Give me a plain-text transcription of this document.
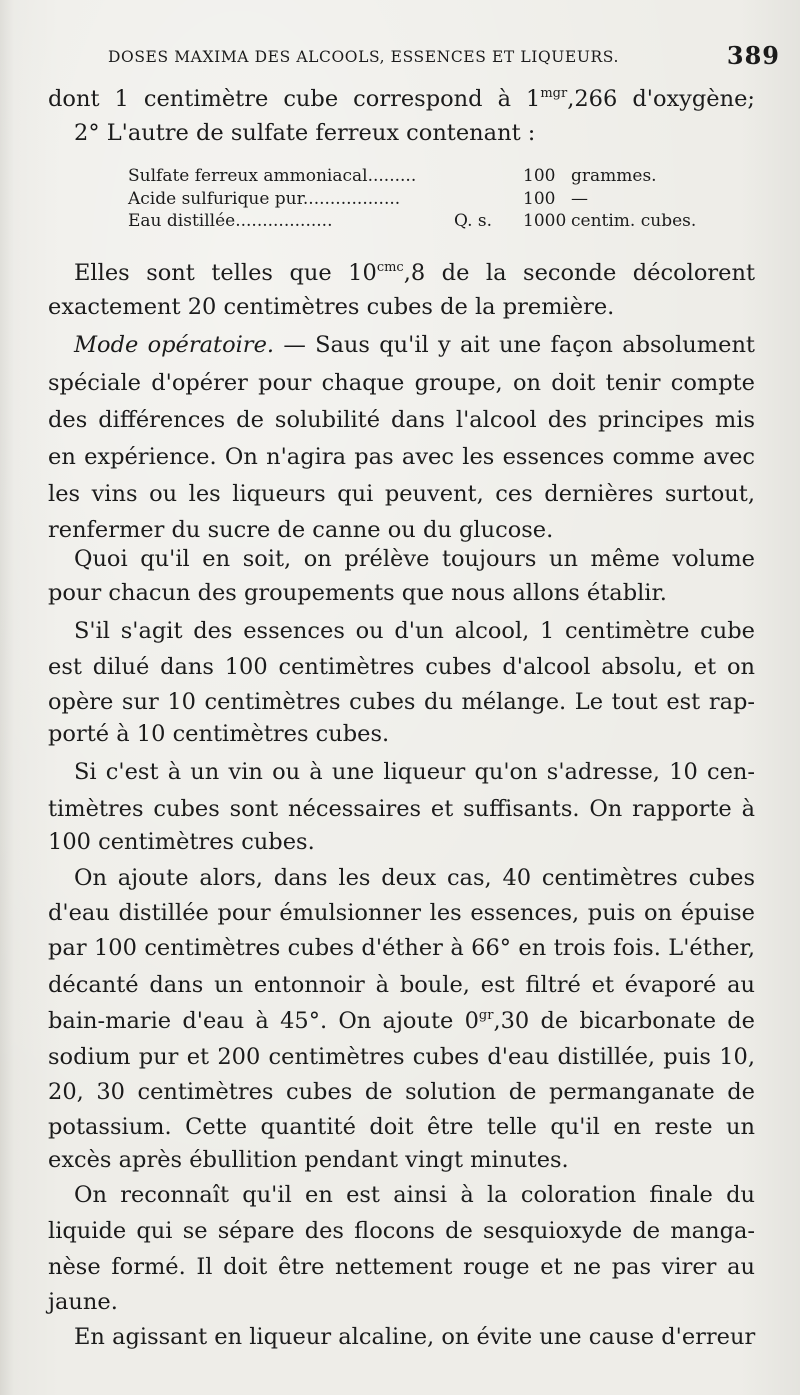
DOSES MAXIMA DES ALCOOLS, ESSENCES ET LIQUEURS.	389
dont 1 centimètre cube correspond à $1^{mgr},266$ d'oxygène;
2° L'autre de sulfate ferreux contenant :
Sulfate ferreux ammoniacal.........	100 grammes.
Acide sulfurique pur..................	100 —
Eau distillée..................	Q. s. 1000 centim. cubes.
Elles sont telles que $10^{cmc},8$ de la seconde décolorent
exactement 20 centimètres cubes de la première.
Mode opératoire. — Saus qu'il y ait une façon absolument
spéciale d'opérer pour chaque groupe, on doit tenir compte
des différences de solubilité dans l'alcool des principes mis
en expérience. On n'agira pas avec les essences comme avec
les vins ou les liqueurs qui peuvent, ces dernières surtout,
renfermer du sucre de canne ou du glucose.
Quoi qu'il en soit, on prélève toujours un même volume
pour chacun des groupements que nous allons établir.
S'il s'agit des essences ou d'un alcool, 1 centimètre cube
est dilué dans 100 centimètres cubes d'alcool absolu, et on
opère sur 10 centimètres cubes du mélange. Le tout est rap-
porté à 10 centimètres cubes.
Si c'est à un vin ou à une liqueur qu'on s'adresse, 10 cen-
timètres cubes sont nécessaires et suffisants. On rapporte à
100 centimètres cubes.
On ajoute alors, dans les deux cas, 40 centimètres cubes
d'eau distillée pour émulsionner les essences, puis on épuise
par 100 centimètres cubes d'éther à 66° en trois fois. L'éther,
décanté dans un entonnoir à boule, est filtré et évaporé au
bain-marie d'eau à 45°. On ajoute $0^{gr},30$ de bicarbonate de
sodium pur et 200 centimètres cubes d'eau distillée, puis 10,
20, 30 centimètres cubes de solution de permanganate de
potassium. Cette quantité doit être telle qu'il en reste un
excès après ébullition pendant vingt minutes.
On reconnaît qu'il en est ainsi à la coloration finale du
liquide qui se sépare des flocons de sesquioxyde de manga-
nèse formé. Il doit être nettement rouge et ne pas virer au
jaune.
En agissant en liqueur alcaline, on évite une cause d'erreur
